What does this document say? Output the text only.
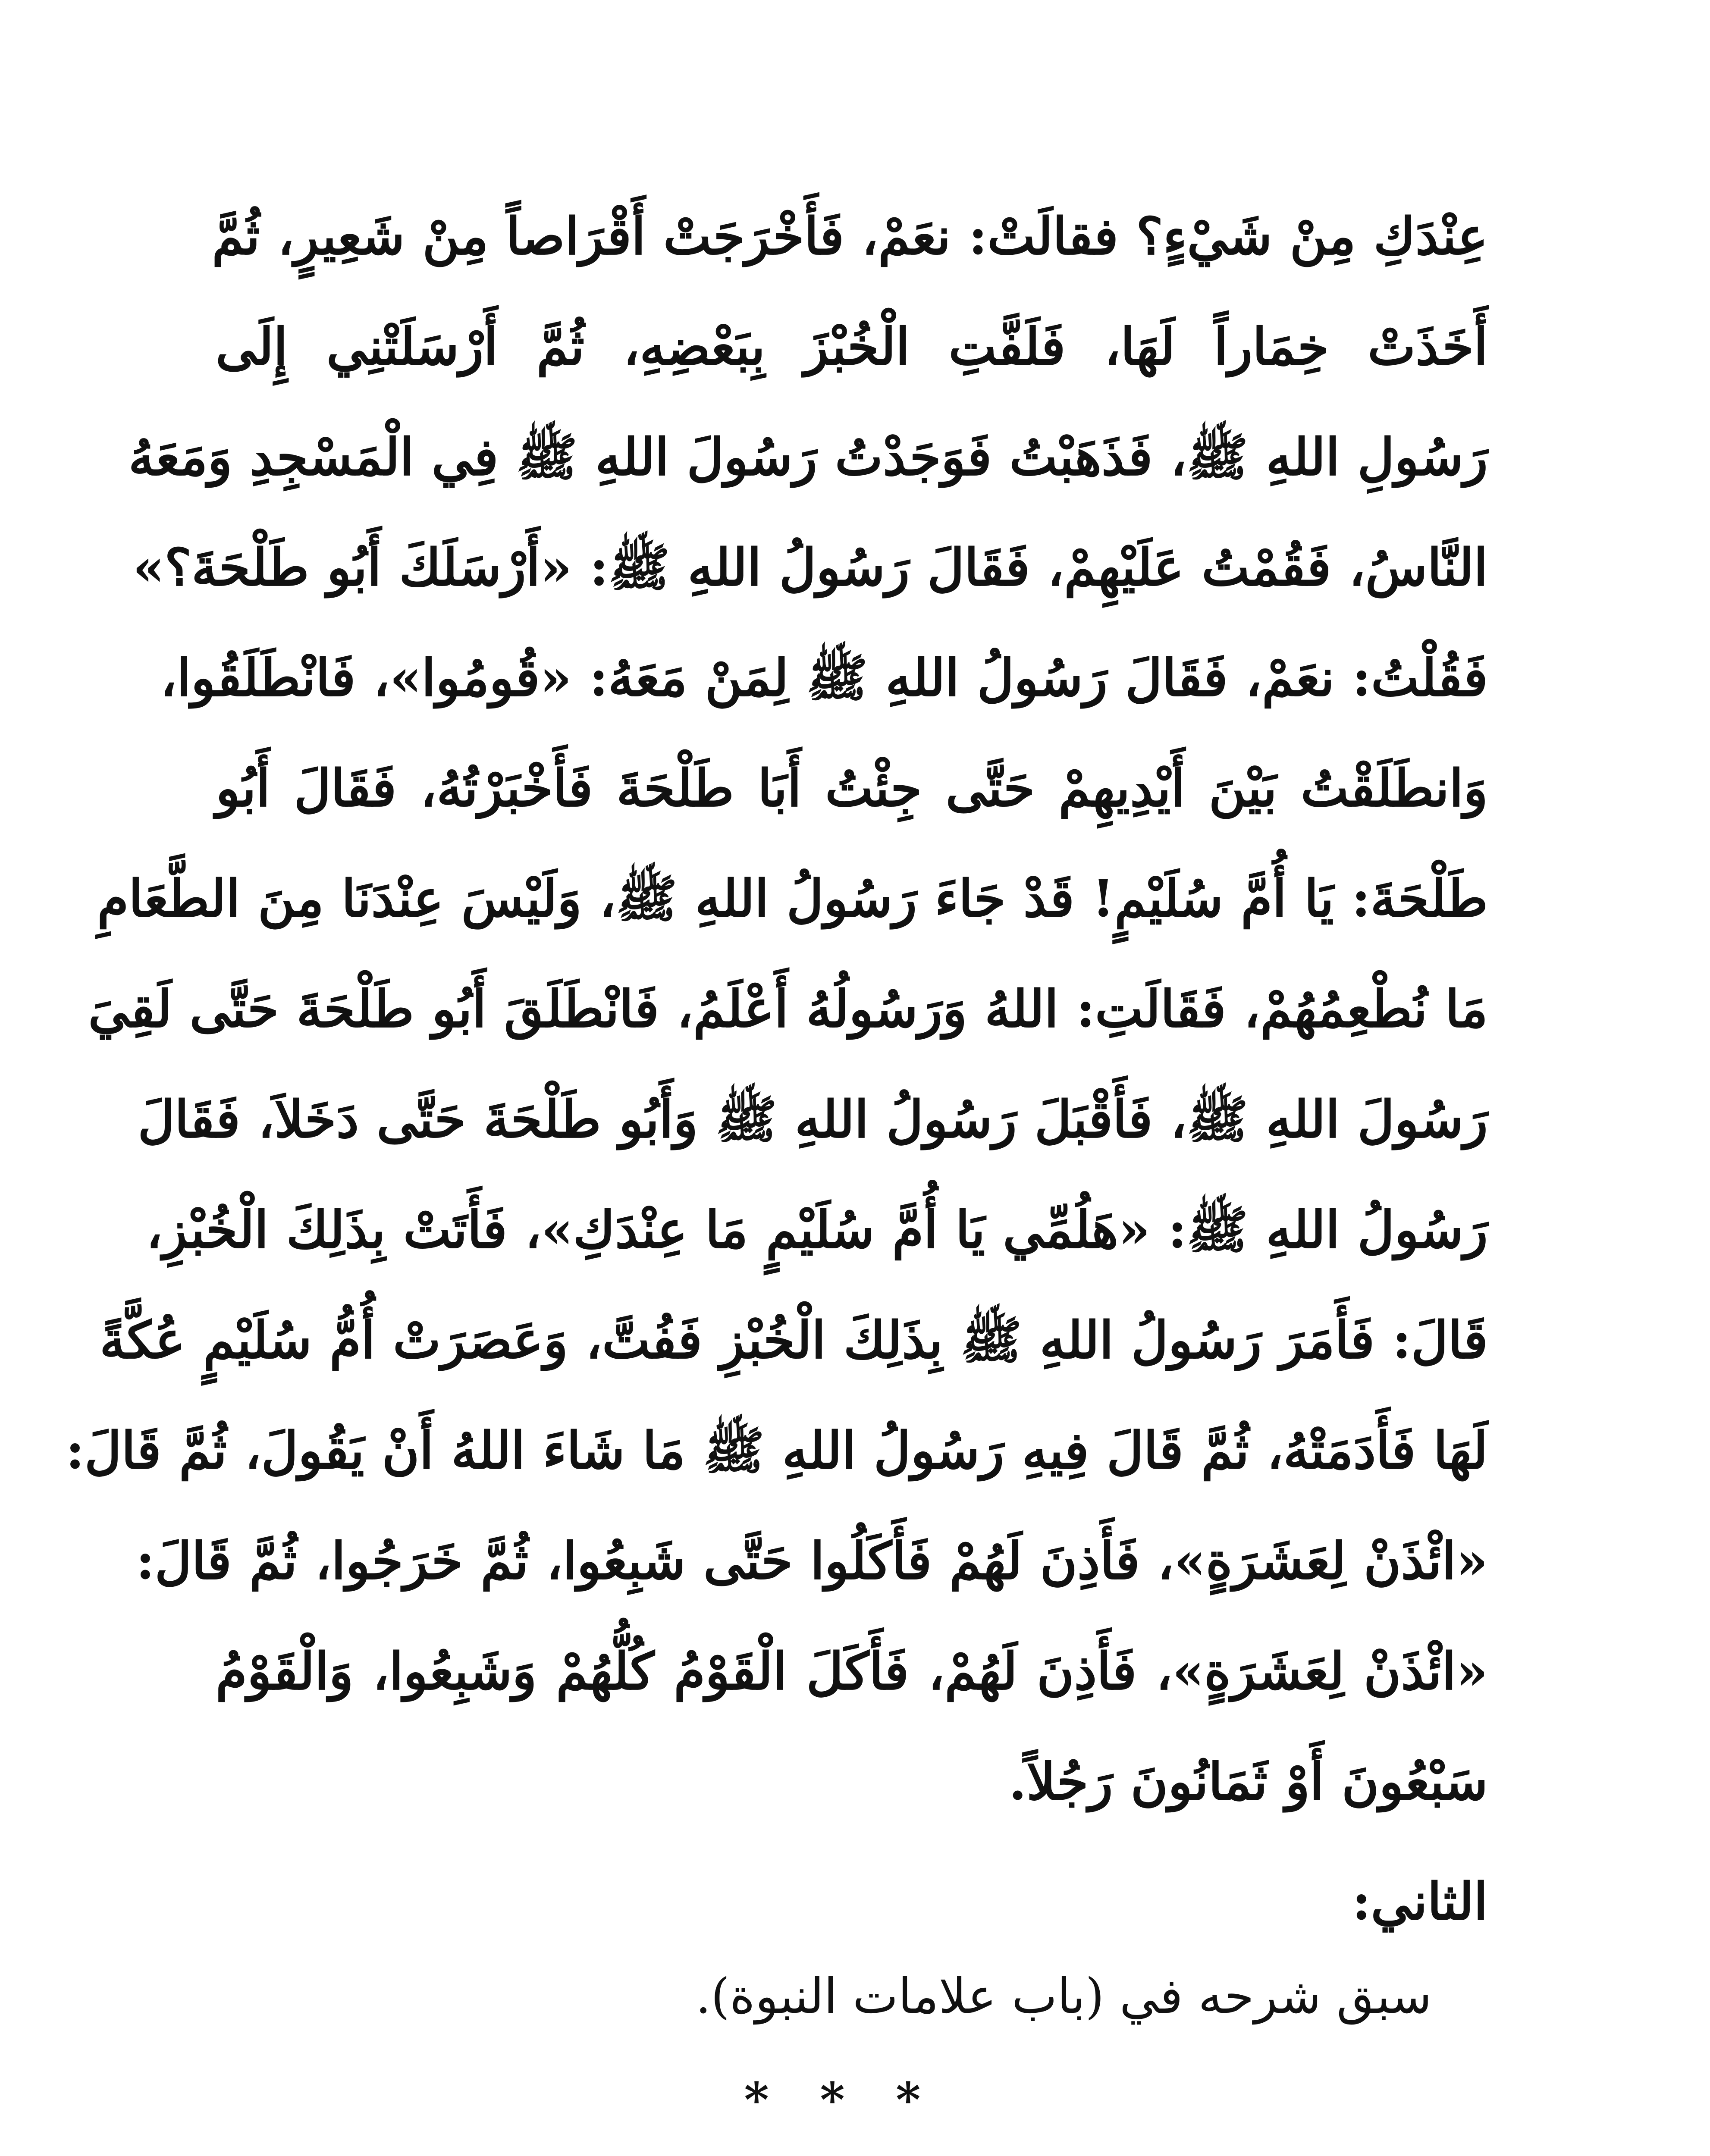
عِنْدَكِ مِنْ شَيْءٍ؟ فقالَتْ: نعَمْ، فَأَخْرَجَتْ أَقْرَاصاً مِنْ شَعِيرٍ، ثُمَّ
أَخَذَتْ خِمَاراً لَهَا، فَلَفَّتِ الْخُبْزَ بِبَعْضِهِ، ثُمَّ أَرْسَلَتْنِي إِلَى
رَسُولِ اللهِ ﷺ، فَذَهَبْتُ فَوَجَدْتُ رَسُولَ اللهِ ﷺ فِي الْمَسْجِدِ وَمَعَهُ
النَّاسُ، فَقُمْتُ عَلَيْهِمْ، فَقَالَ رَسُولُ اللهِ ﷺ: «أَرْسَلَكَ أَبُو طَلْحَةَ؟»
فَقُلْتُ: نعَمْ، فَقَالَ رَسُولُ اللهِ ﷺ لِمَنْ مَعَهُ: «قُومُوا»، فَانْطَلَقُوا،
وَانطَلَقْتُ بَيْنَ أَيْدِيهِمْ حَتَّى جِئْتُ أَبَا طَلْحَةَ فَأَخْبَرْتُهُ، فَقَالَ أَبُو
طَلْحَةَ: يَا أُمَّ سُلَيْمٍ! قَدْ جَاءَ رَسُولُ اللهِ ﷺ، وَلَيْسَ عِنْدَنَا مِنَ الطَّعَامِ
مَا نُطْعِمُهُمْ، فَقَالَتِ: اللهُ وَرَسُولُهُ أَعْلَمُ، فَانْطَلَقَ أَبُو طَلْحَةَ حَتَّى لَقِيَ
رَسُولَ اللهِ ﷺ، فَأَقْبَلَ رَسُولُ اللهِ ﷺ وَأَبُو طَلْحَةَ حَتَّى دَخَلاَ، فَقَالَ
رَسُولُ اللهِ ﷺ: «هَلُمِّي يَا أُمَّ سُلَيْمٍ مَا عِنْدَكِ»، فَأَتَتْ بِذَلِكَ الْخُبْزِ،
قَالَ: فَأَمَرَ رَسُولُ اللهِ ﷺ بِذَلِكَ الْخُبْزِ فَفُتَّ، وَعَصَرَتْ أُمُّ سُلَيْمٍ عُكَّةً
لَهَا فَأَدَمَتْهُ، ثُمَّ قَالَ فِيهِ رَسُولُ اللهِ ﷺ مَا شَاءَ اللهُ أَنْ يَقُولَ، ثُمَّ قَالَ:
«ائْذَنْ لِعَشَرَةٍ»، فَأَذِنَ لَهُمْ فَأَكَلُوا حَتَّى شَبِعُوا، ثُمَّ خَرَجُوا، ثُمَّ قَالَ:
«ائْذَنْ لِعَشَرَةٍ»، فَأَذِنَ لَهُمْ، فَأَكَلَ الْقَوْمُ كُلُّهُمْ وَشَبِعُوا، وَالْقَوْمُ
سَبْعُونَ أَوْ ثَمَانُونَ رَجُلاً.
الثاني:
سبق شرحه في (باب علامات النبوة).
* * *
